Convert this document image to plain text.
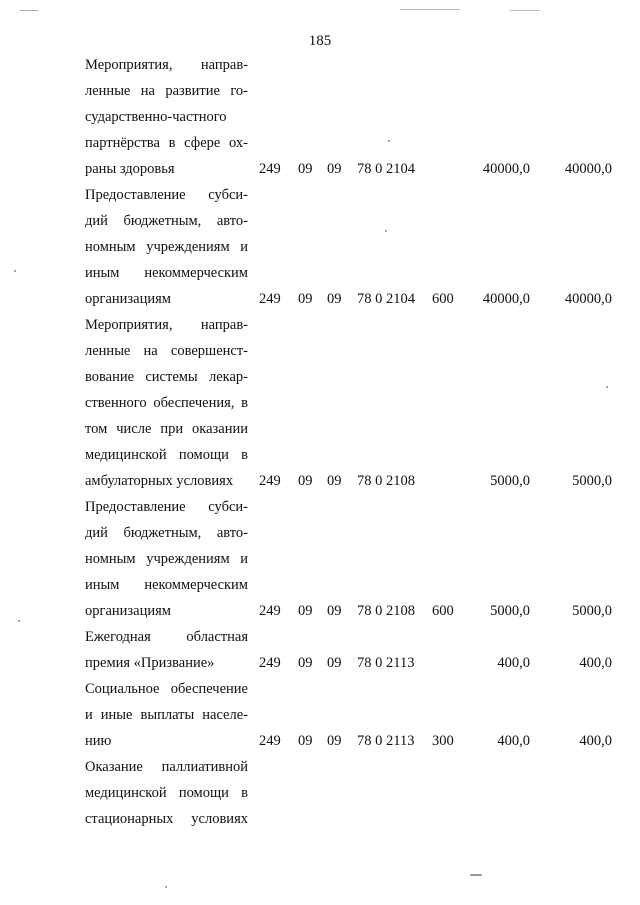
185
Мероприятия, направ-
ленные на развитие го-
сударственно-частного
партнёрства в сфере ох-
раны здоровья	249 09 09 78 0 2104	40000,0 40000,0
Предоставление субси-
дий бюджетным, авто-
номным учреждениям и
иным некоммерческим
организациям	249 09 09 78 0 2104 600 40000,0 40000,0
Мероприятия, направ-
ленные на совершенст-
вование системы лекар-
ственного обеспечения, в
том числе при оказании
медицинской помощи в
амбулаторных условиях	249 09 09 78 0 2108	5000,0	5000,0
Предоставление субси-
дий бюджетным, авто-
номным учреждениям и
иным некоммерческим
организациям	249 09 09 78 0 2108 600	5000,0	5000,0
Ежегодная областная
премия «Призвание»	249 09 09 78 0 2113	400,0	400,0
Социальное обеспечение
и иные выплаты населе-
нию	249 09 09 78 0 2113 300	400,0	400,0
Оказание паллиативной
медицинской помощи в
стационарных условиях
